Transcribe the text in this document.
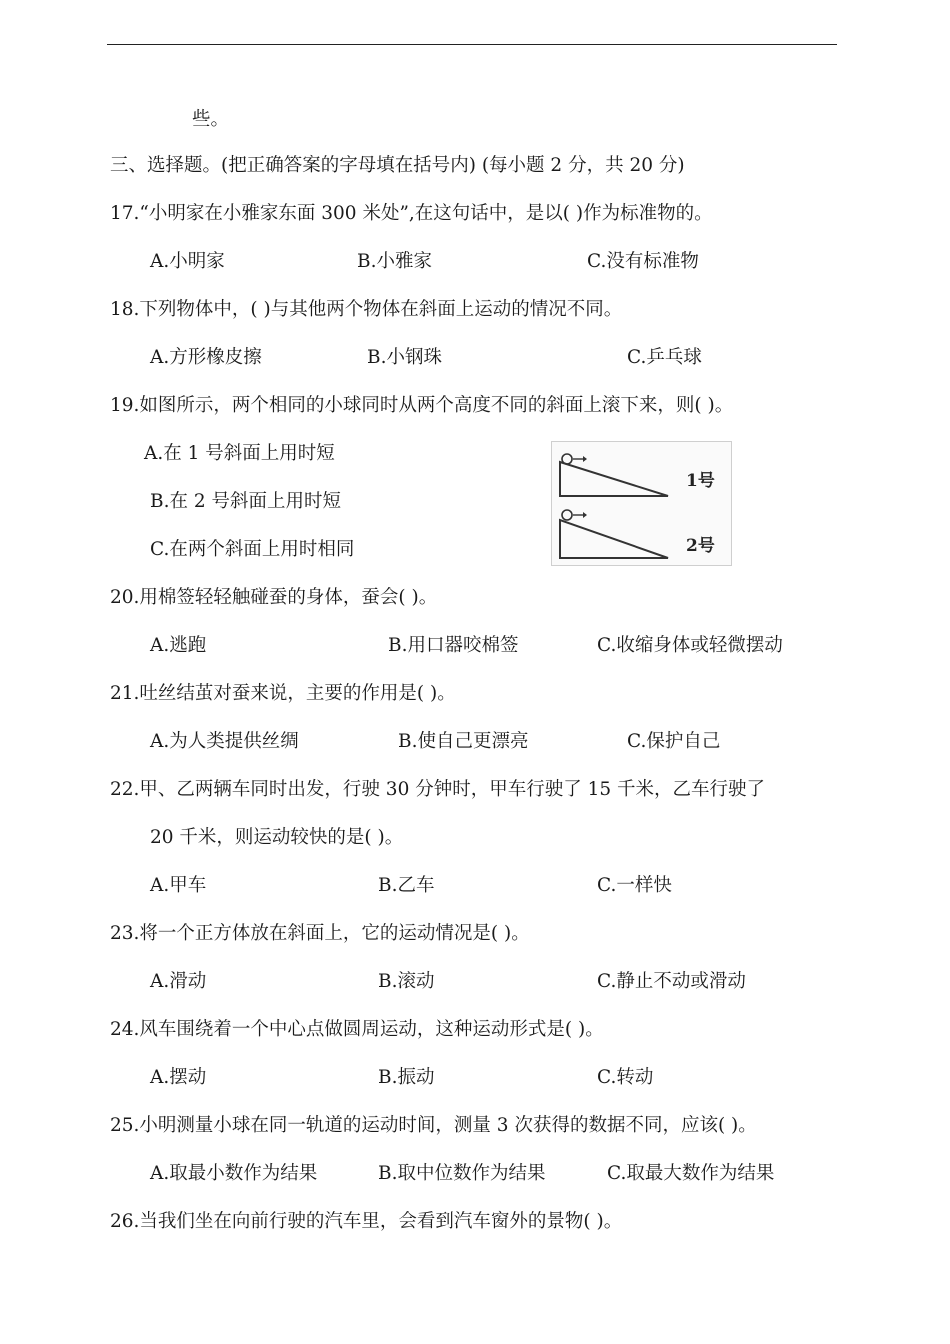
些。
三、选择题。(把正确答案的字母填在括号内) (每小题 2 分，共 20 分)
17.“小明家在小雅家东面 300 米处”,在这句话中，是以( )作为标准物的。
A.小明家	B.小雅家	C.没有标准物
18.下列物体中，( )与其他两个物体在斜面上运动的情况不同。
A.方形橡皮擦	B.小钢珠	C.乒乓球
19.如图所示，两个相同的小球同时从两个高度不同的斜面上滚下来，则( )。
A.在 1 号斜面上用时短
B.在 2 号斜面上用时短
C.在两个斜面上用时相同
1号
2号
20.用棉签轻轻触碰蚕的身体，蚕会( )。
A.逃跑	B.用口器咬棉签	C.收缩身体或轻微摆动
21.吐丝结茧对蚕来说，主要的作用是( )。
A.为人类提供丝绸	B.使自己更漂亮	C.保护自己
22.甲、乙两辆车同时出发，行驶 30 分钟时，甲车行驶了 15 千米，乙车行驶了
20 千米，则运动较快的是( )。
A.甲车	B.乙车	C.一样快
23.将一个正方体放在斜面上，它的运动情况是( )。
A.滑动	B.滚动	C.静止不动或滑动
24.风车围绕着一个中心点做圆周运动，这种运动形式是( )。
A.摆动	B.振动	C.转动
25.小明测量小球在同一轨道的运动时间，测量 3 次获得的数据不同，应该( )。
A.取最小数作为结果	B.取中位数作为结果	C.取最大数作为结果
26.当我们坐在向前行驶的汽车里，会看到汽车窗外的景物( )。
